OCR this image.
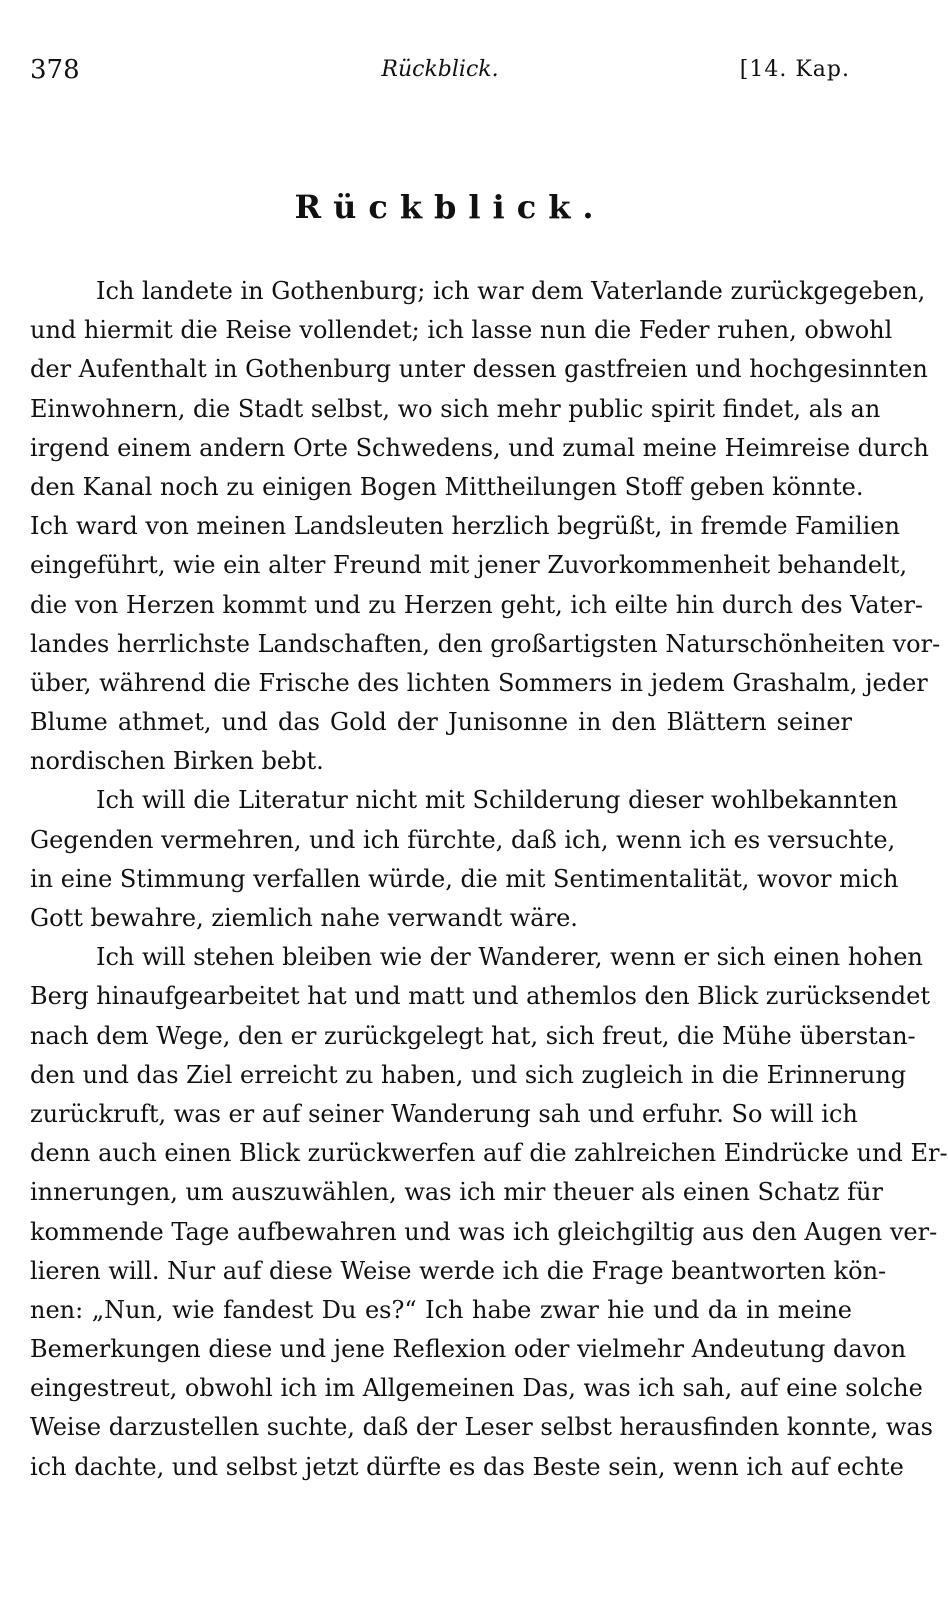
378	Rückblick.	[14. Kap.
Rückblick.
Ich landete in Gothenburg; ich war dem Vaterlande zurückgegeben,
und hiermit die Reise vollendet; ich lasse nun die Feder ruhen, obwohl
der Aufenthalt in Gothenburg unter dessen gastfreien und hochgesinnten
Einwohnern, die Stadt selbst, wo sich mehr public spirit findet, als an
irgend einem andern Orte Schwedens, und zumal meine Heimreise durch
den Kanal noch zu einigen Bogen Mittheilungen Stoff geben könnte.
Ich ward von meinen Landsleuten herzlich begrüßt, in fremde Familien
eingeführt, wie ein alter Freund mit jener Zuvorkommenheit behandelt,
die von Herzen kommt und zu Herzen geht, ich eilte hin durch des Vater-
landes herrlichste Landschaften, den großartigsten Naturschönheiten vor-
über, während die Frische des lichten Sommers in jedem Grashalm, jeder
Blume athmet, und das Gold der Junisonne in den Blättern seiner
nordischen Birken bebt.
Ich will die Literatur nicht mit Schilderung dieser wohlbekannten
Gegenden vermehren, und ich fürchte, daß ich, wenn ich es versuchte,
in eine Stimmung verfallen würde, die mit Sentimentalität, wovor mich
Gott bewahre, ziemlich nahe verwandt wäre.
Ich will stehen bleiben wie der Wanderer, wenn er sich einen hohen
Berg hinaufgearbeitet hat und matt und athemlos den Blick zurücksendet
nach dem Wege, den er zurückgelegt hat, sich freut, die Mühe überstan-
den und das Ziel erreicht zu haben, und sich zugleich in die Erinnerung
zurückruft, was er auf seiner Wanderung sah und erfuhr. So will ich
denn auch einen Blick zurückwerfen auf die zahlreichen Eindrücke und Er-
innerungen, um auszuwählen, was ich mir theuer als einen Schatz für
kommende Tage aufbewahren und was ich gleichgiltig aus den Augen ver-
lieren will. Nur auf diese Weise werde ich die Frage beantworten kön-
nen: „Nun, wie fandest Du es?“ Ich habe zwar hie und da in meine
Bemerkungen diese und jene Reflexion oder vielmehr Andeutung davon
eingestreut, obwohl ich im Allgemeinen Das, was ich sah, auf eine solche
Weise darzustellen suchte, daß der Leser selbst herausfinden konnte, was
ich dachte, und selbst jetzt dürfte es das Beste sein, wenn ich auf echte
